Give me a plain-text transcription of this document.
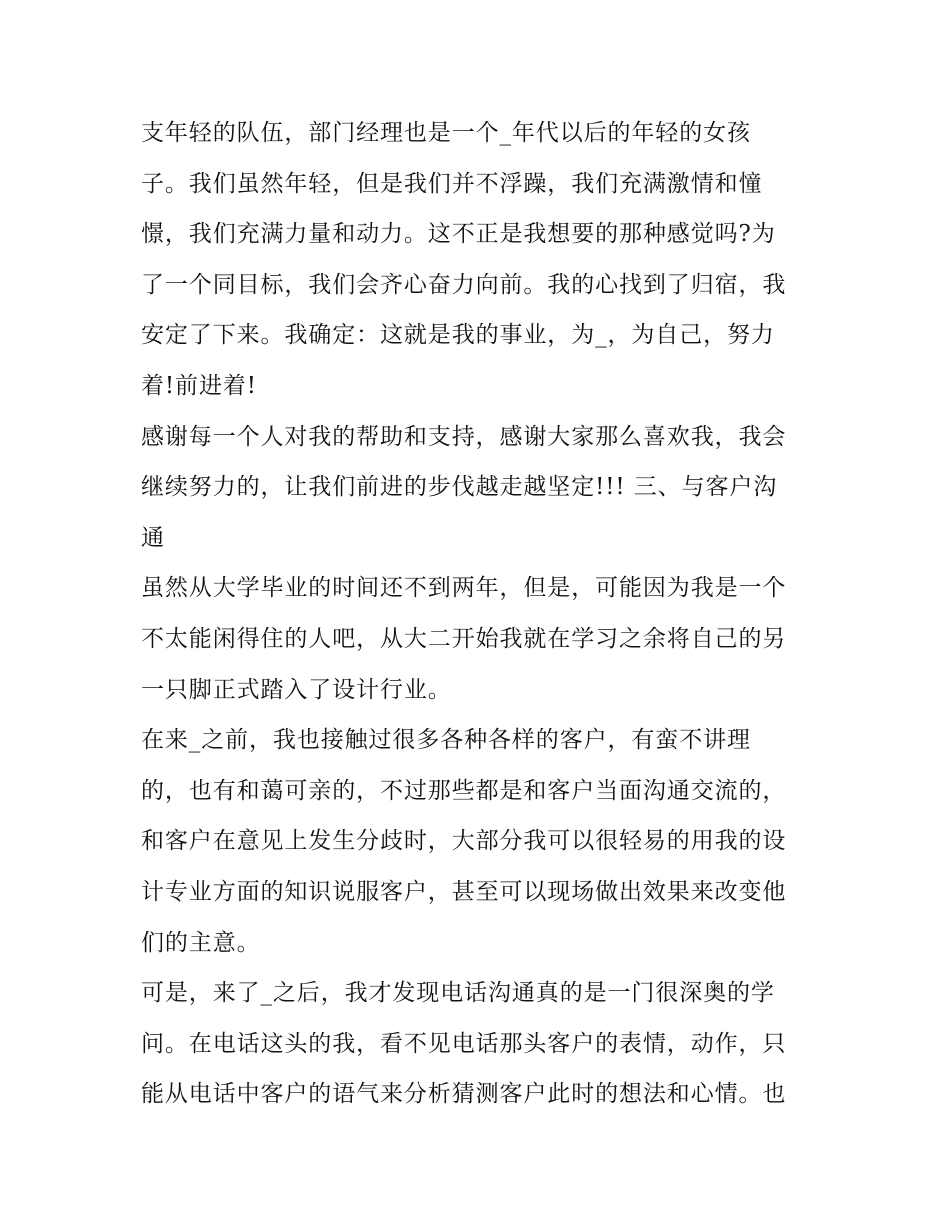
支年轻的队伍，部门经理也是一个_年代以后的年轻的女孩
子。我们虽然年轻，但是我们并不浮躁，我们充满激情和憧
憬，我们充满力量和动力。这不正是我想要的那种感觉吗?为
了一个同目标，我们会齐心奋力向前。我的心找到了归宿，我
安定了下来。我确定：这就是我的事业，为_，为自己，努力
着!前进着!
感谢每一个人对我的帮助和支持，感谢大家那么喜欢我，我会
继续努力的，让我们前进的步伐越走越坚定!!! 三、与客户沟
通
虽然从大学毕业的时间还不到两年，但是，可能因为我是一个
不太能闲得住的人吧，从大二开始我就在学习之余将自己的另
一只脚正式踏入了设计行业。
在来_之前，我也接触过很多各种各样的客户，有蛮不讲理
的，也有和蔼可亲的，不过那些都是和客户当面沟通交流的，
和客户在意见上发生分歧时，大部分我可以很轻易的用我的设
计专业方面的知识说服客户，甚至可以现场做出效果来改变他
们的主意。
可是，来了_之后，我才发现电话沟通真的是一门很深奥的学
问。在电话这头的我，看不见电话那头客户的表情，动作，只
能从电话中客户的语气来分析猜测客户此时的想法和心情。也
